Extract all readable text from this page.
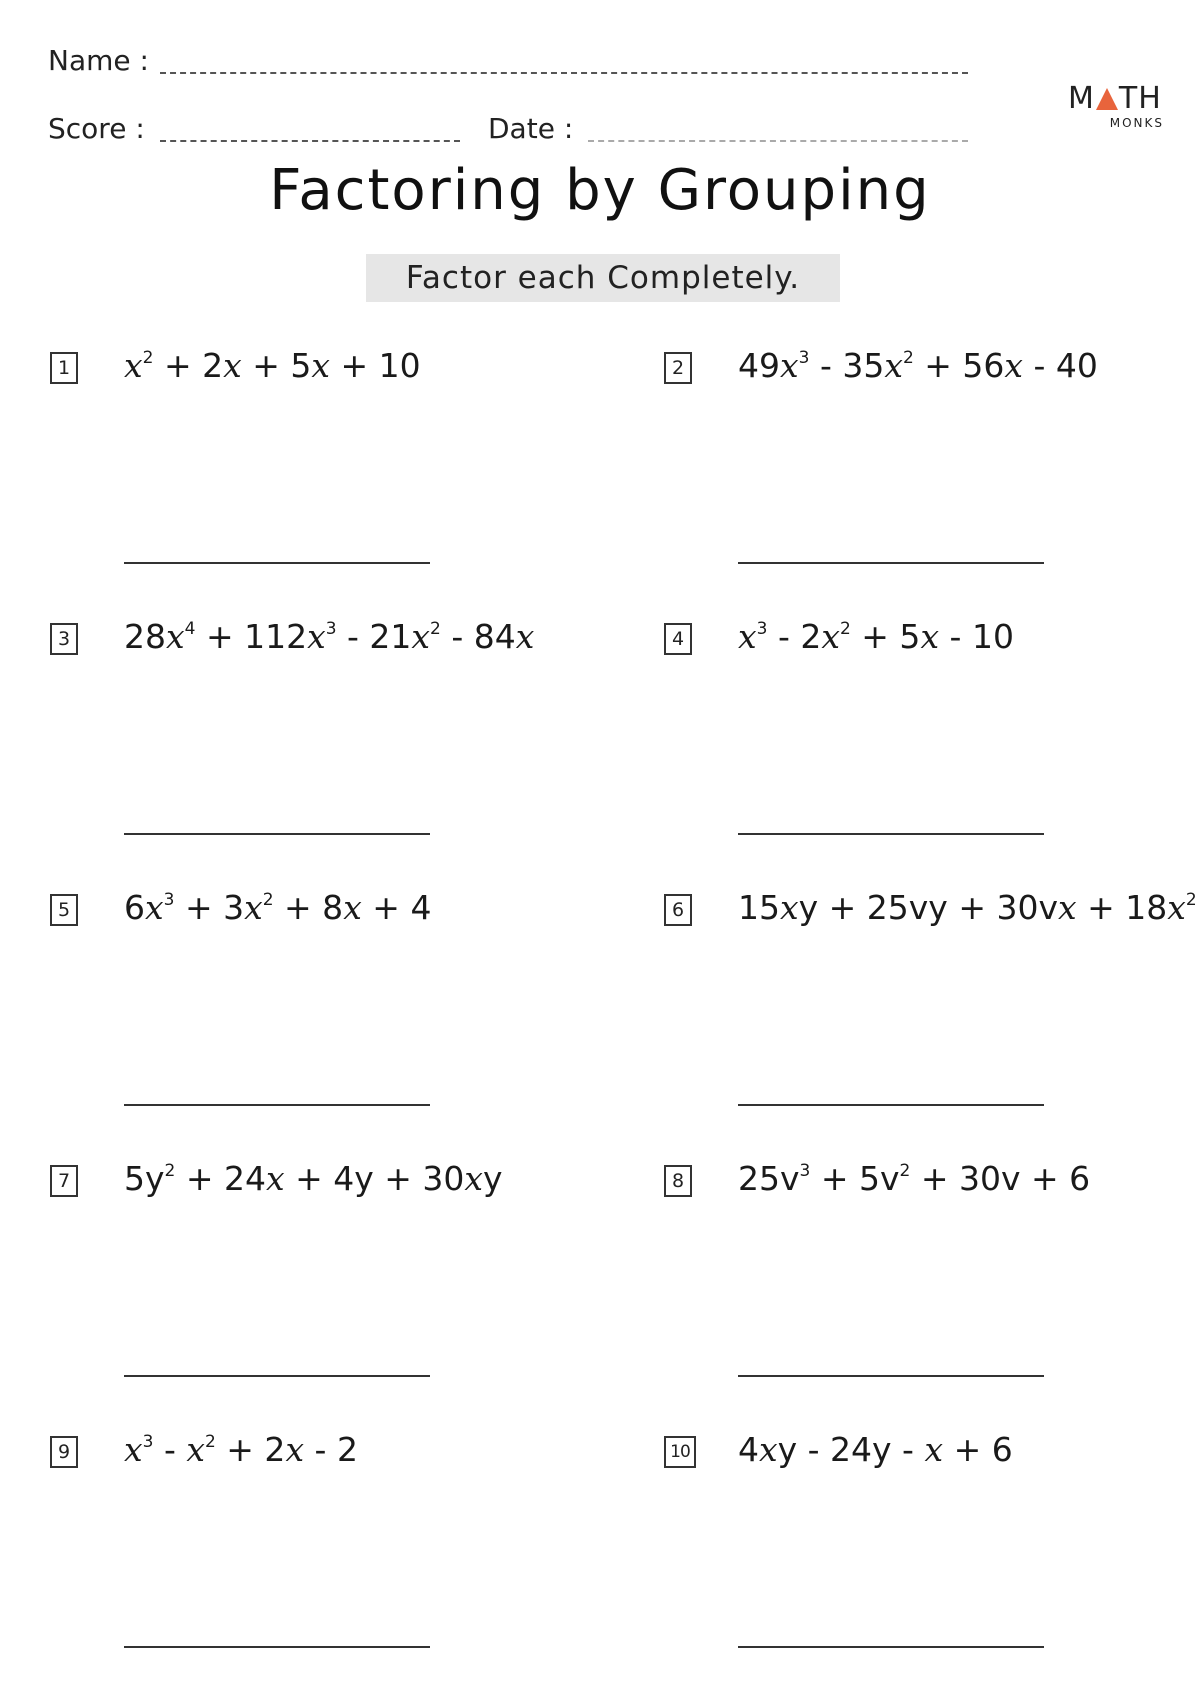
Name :
Score :	Date :
M TH
MONKS
Factoring by Grouping
Factor each Completely.
1 $x^2 + 2x + 5x + 10$	2 $49x^3 - 35x^2 + 56x - 40$
3 $28x^4 + 112x^3 - 21x^2 - 84x$	4 $x^3 - 2x^2 + 5x - 10$
5 $6x^3 + 3x^2 + 8x + 4$	6 $15xy + 25vy + 30vx + 18x^2$
7 $5y^2 + 24x + 4y + 30xy$	8 $25v^3 + 5v^2 + 30v + 6$
9 $x^3 - x^2 + 2x - 2$	10 4xy - 24y - x + 6
